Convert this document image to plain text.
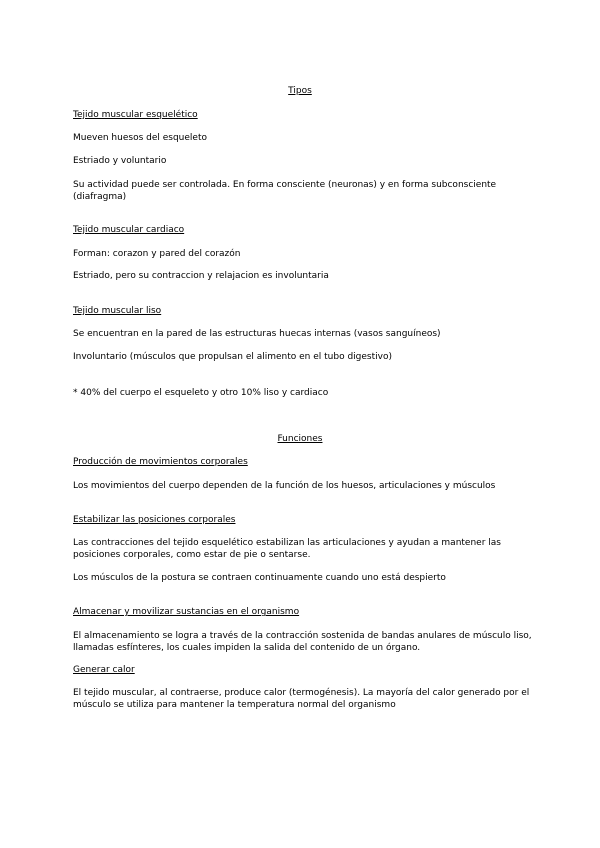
Tipos
Tejido muscular esquelético
Mueven huesos del esqueleto
Estriado y voluntario
Su actividad puede ser controlada. En forma consciente (neuronas) y en forma subconsciente (diafragma)
Tejido muscular cardiaco
Forman: corazon y pared del corazón
Estriado, pero su contraccion y relajacion es involuntaria
Tejido muscular liso
Se encuentran en la pared de las estructuras huecas internas (vasos sanguíneos)
Involuntario (músculos que propulsan el alimento en el tubo digestivo)
* 40% del cuerpo el esqueleto y otro 10% liso y cardiaco
Funciones
Producción de movimientos corporales
Los movimientos del cuerpo dependen de la función de los huesos, articulaciones y músculos
Estabilizar las posiciones corporales
Las contracciones del tejido esquelético estabilizan las articulaciones y ayudan a mantener las posiciones corporales, como estar de pie o sentarse.
Los músculos de la postura se contraen continuamente cuando uno está despierto
Almacenar y movilizar sustancias en el organismo
El almacenamiento se logra a través de la contracción sostenida de bandas anulares de músculo liso, llamadas esfínteres, los cuales impiden la salida del contenido de un órgano.
Generar calor
El tejido muscular, al contraerse, produce calor (termogénesis). La mayoría del calor generado por el músculo se utiliza para mantener la temperatura normal del organismo
